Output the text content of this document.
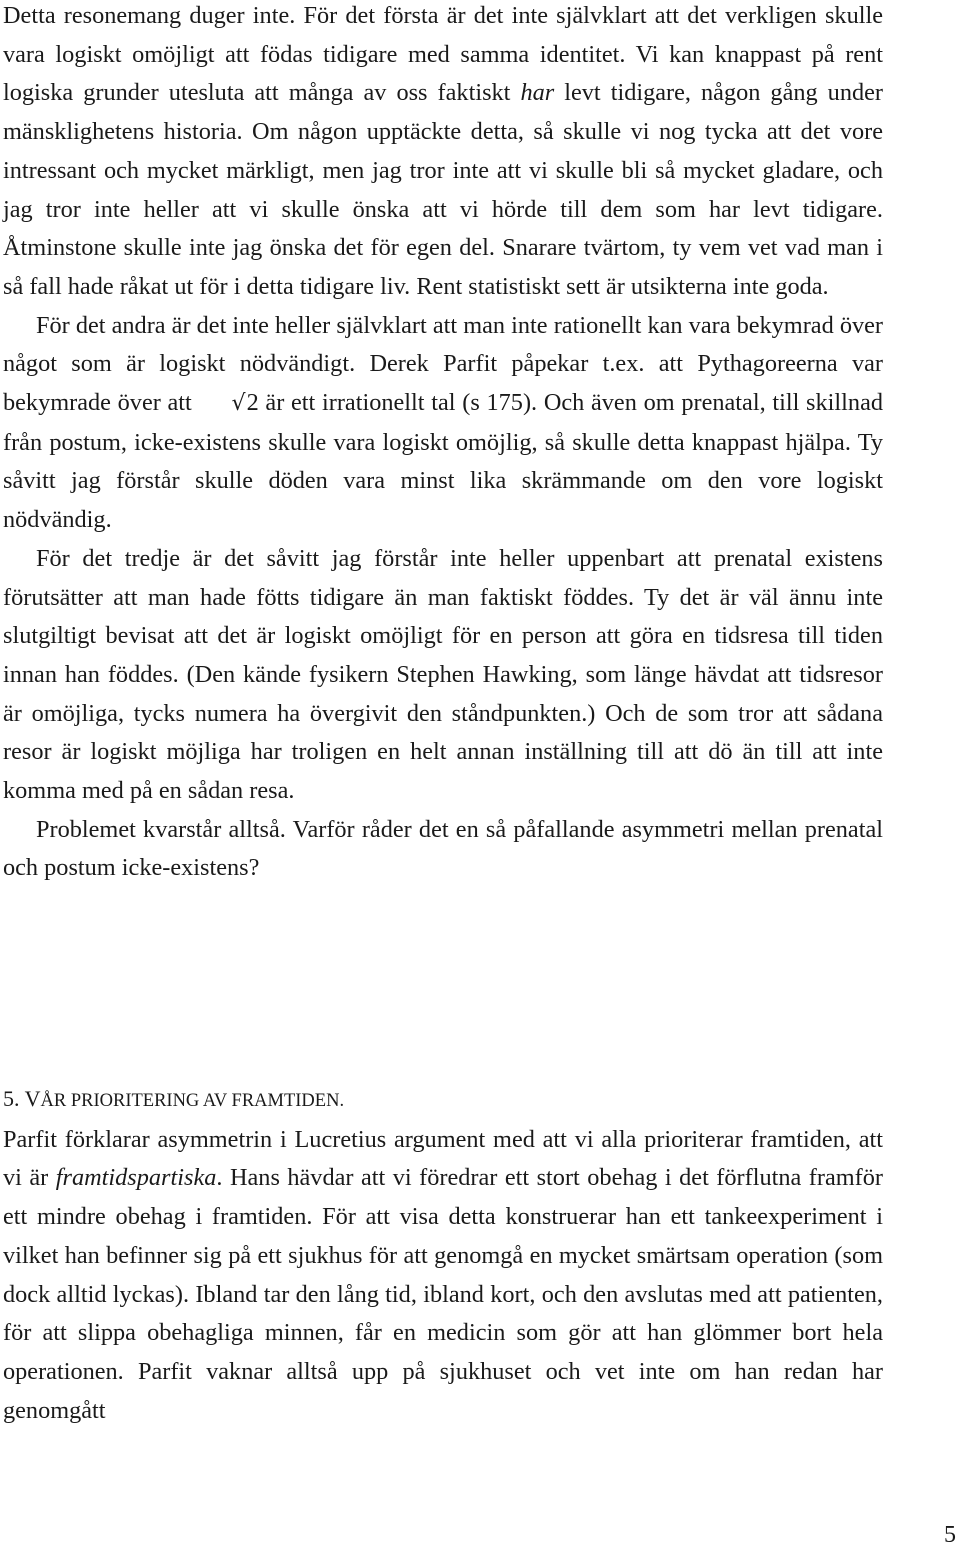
Detta resonemang duger inte. För det första är det inte självklart att det verkligen skulle vara logiskt omöjligt att födas tidigare med samma identitet. Vi kan knappast på rent logiska grunder utesluta att många av oss faktiskt har levt tidigare, någon gång under mänsklighetens historia. Om någon upptäckte detta, så skulle vi nog tycka att det vore intressant och mycket märkligt, men jag tror inte att vi skulle bli så mycket gladare, och jag tror inte heller att vi skulle önska att vi hörde till dem som har levt tidigare. Åtminstone skulle inte jag önska det för egen del. Snarare tvärtom, ty vem vet vad man i så fall hade råkat ut för i detta tidigare liv. Rent statistiskt sett är utsikterna inte goda.

För det andra är det inte heller självklart att man inte rationellt kan vara bekymrad över något som är logiskt nödvändigt. Derek Parfit påpekar t.ex. att Pythagoreerna var bekymrade över att √2 är ett irrationellt tal (s 175). Och även om prenatal, till skillnad från postum, icke-existens skulle vara logiskt omöjlig, så skulle detta knappast hjälpa. Ty såvitt jag förstår skulle döden vara minst lika skrämmande om den vore logiskt nödvändig.

För det tredje är det såvitt jag förstår inte heller uppenbart att prenatal existens förutsätter att man hade fötts tidigare än man faktiskt föddes. Ty det är väl ännu inte slutgiltigt bevisat att det är logiskt omöjligt för en person att göra en tidsresa till tiden innan han föddes. (Den kände fysikern Stephen Hawking, som länge hävdat att tidsresor är omöjliga, tycks numera ha övergivit den ståndpunkten.) Och de som tror att sådana resor är logiskt möjliga har troligen en helt annan inställning till att dö än till att inte komma med på en sådan resa.

Problemet kvarstår alltså. Varför råder det en så påfallande asymmetri mellan prenatal och postum icke-existens?

5. VÅR PRIORITERING AV FRAMTIDEN.

Parfit förklarar asymmetrin i Lucretius argument med att vi alla prioriterar framtiden, att vi är framtidspartiska. Hans hävdar att vi föredrar ett stort obehag i det förflutna framför ett mindre obehag i framtiden. För att visa detta konstruerar han ett tankeexperiment i vilket han befinner sig på ett sjukhus för att genomgå en mycket smärtsam operation (som dock alltid lyckas). Ibland tar den lång tid, ibland kort, och den avslutas med att patienten, för att slippa obehagliga minnen, får en medicin som gör att han glömmer bort hela operationen. Parfit vaknar alltså upp på sjukhuset och vet inte om han redan har genomgått

5
